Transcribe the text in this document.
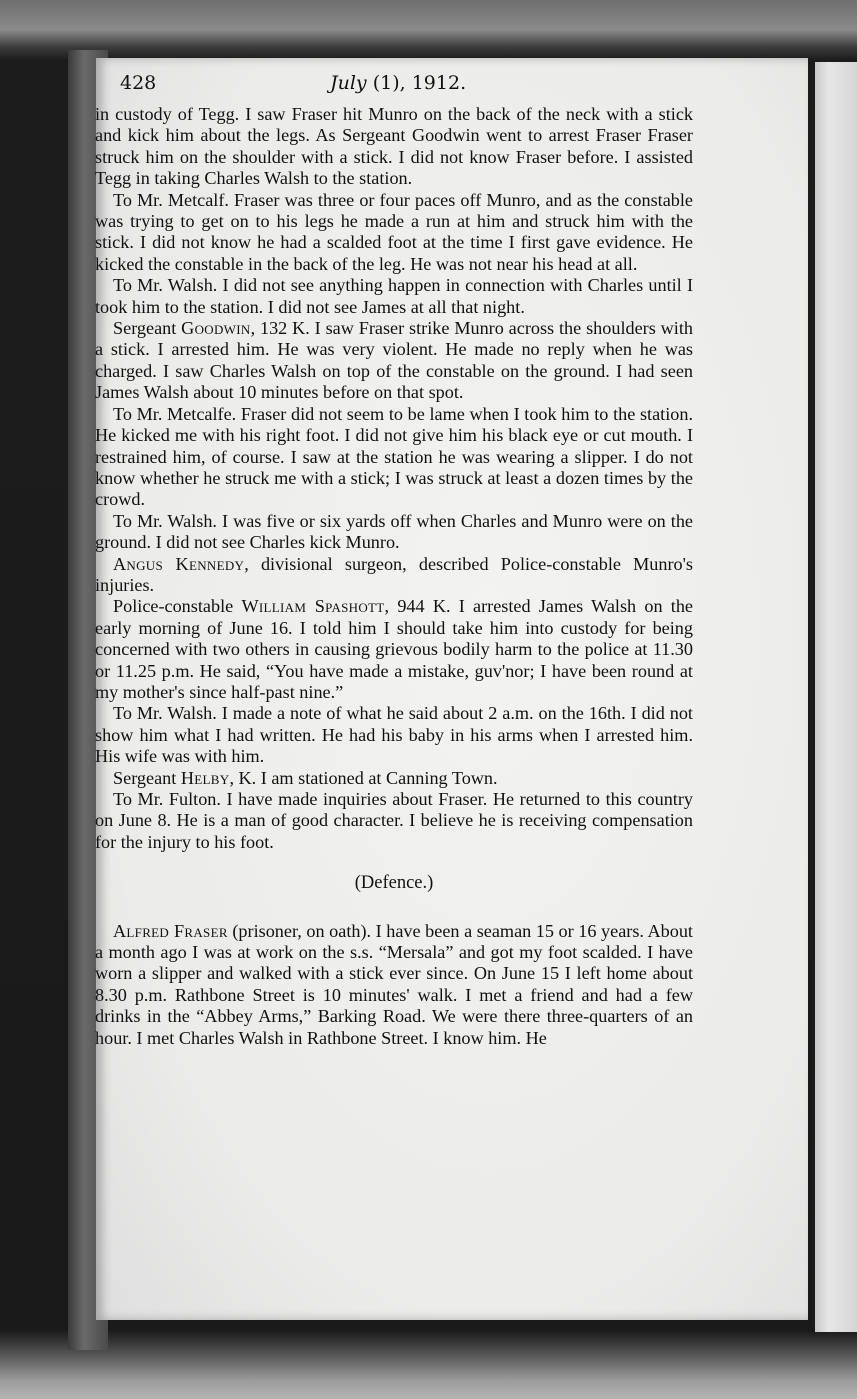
428	July (1), 1912.

in custody of Tegg. I saw Fraser hit Munro on the back of the neck with a stick and kick him about the legs. As Sergeant Goodwin went to arrest Fraser Fraser struck him on the shoulder with a stick. I did not know Fraser before. I assisted Tegg in taking Charles Walsh to the station.

To Mr. Metcalf. Fraser was three or four paces off Munro, and as the constable was trying to get on to his legs he made a run at him and struck him with the stick. I did not know he had a scalded foot at the time I first gave evidence. He kicked the constable in the back of the leg. He was not near his head at all.

To Mr. Walsh. I did not see anything happen in connection with Charles until I took him to the station. I did not see James at all that night.

Sergeant Goodwin, 132 K. I saw Fraser strike Munro across the shoulders with a stick. I arrested him. He was very violent. He made no reply when he was charged. I saw Charles Walsh on top of the constable on the ground. I had seen James Walsh about 10 minutes before on that spot.

To Mr. Metcalfe. Fraser did not seem to be lame when I took him to the station. He kicked me with his right foot. I did not give him his black eye or cut mouth. I restrained him, of course. I saw at the station he was wearing a slipper. I do not know whether he struck me with a stick; I was struck at least a dozen times by the crowd.

To Mr. Walsh. I was five or six yards off when Charles and Munro were on the ground. I did not see Charles kick Munro.

Angus Kennedy, divisional surgeon, described Police-constable Munro's injuries.

Police-constable William Spashott, 944 K. I arrested James Walsh on the early morning of June 16. I told him I should take him into custody for being concerned with two others in causing grievous bodily harm to the police at 11.30 or 11.25 p.m. He said, “You have made a mistake, guv'nor; I have been round at my mother's since half-past nine.”

To Mr. Walsh. I made a note of what he said about 2 a.m. on the 16th. I did not show him what I had written. He had his baby in his arms when I arrested him. His wife was with him.

Sergeant Helby, K. I am stationed at Canning Town.

To Mr. Fulton. I have made inquiries about Fraser. He returned to this country on June 8. He is a man of good character. I believe he is receiving compensation for the injury to his foot.

(Defence.)

Alfred Fraser (prisoner, on oath). I have been a seaman 15 or 16 years. About a month ago I was at work on the s.s. “Mersala” and got my foot scalded. I have worn a slipper and walked with a stick ever since. On June 15 I left home about 8.30 p.m. Rathbone Street is 10 minutes' walk. I met a friend and had a few drinks in the “Abbey Arms,” Barking Road. We were there three-quarters of an hour. I met Charles Walsh in Rathbone Street. I know him. He
